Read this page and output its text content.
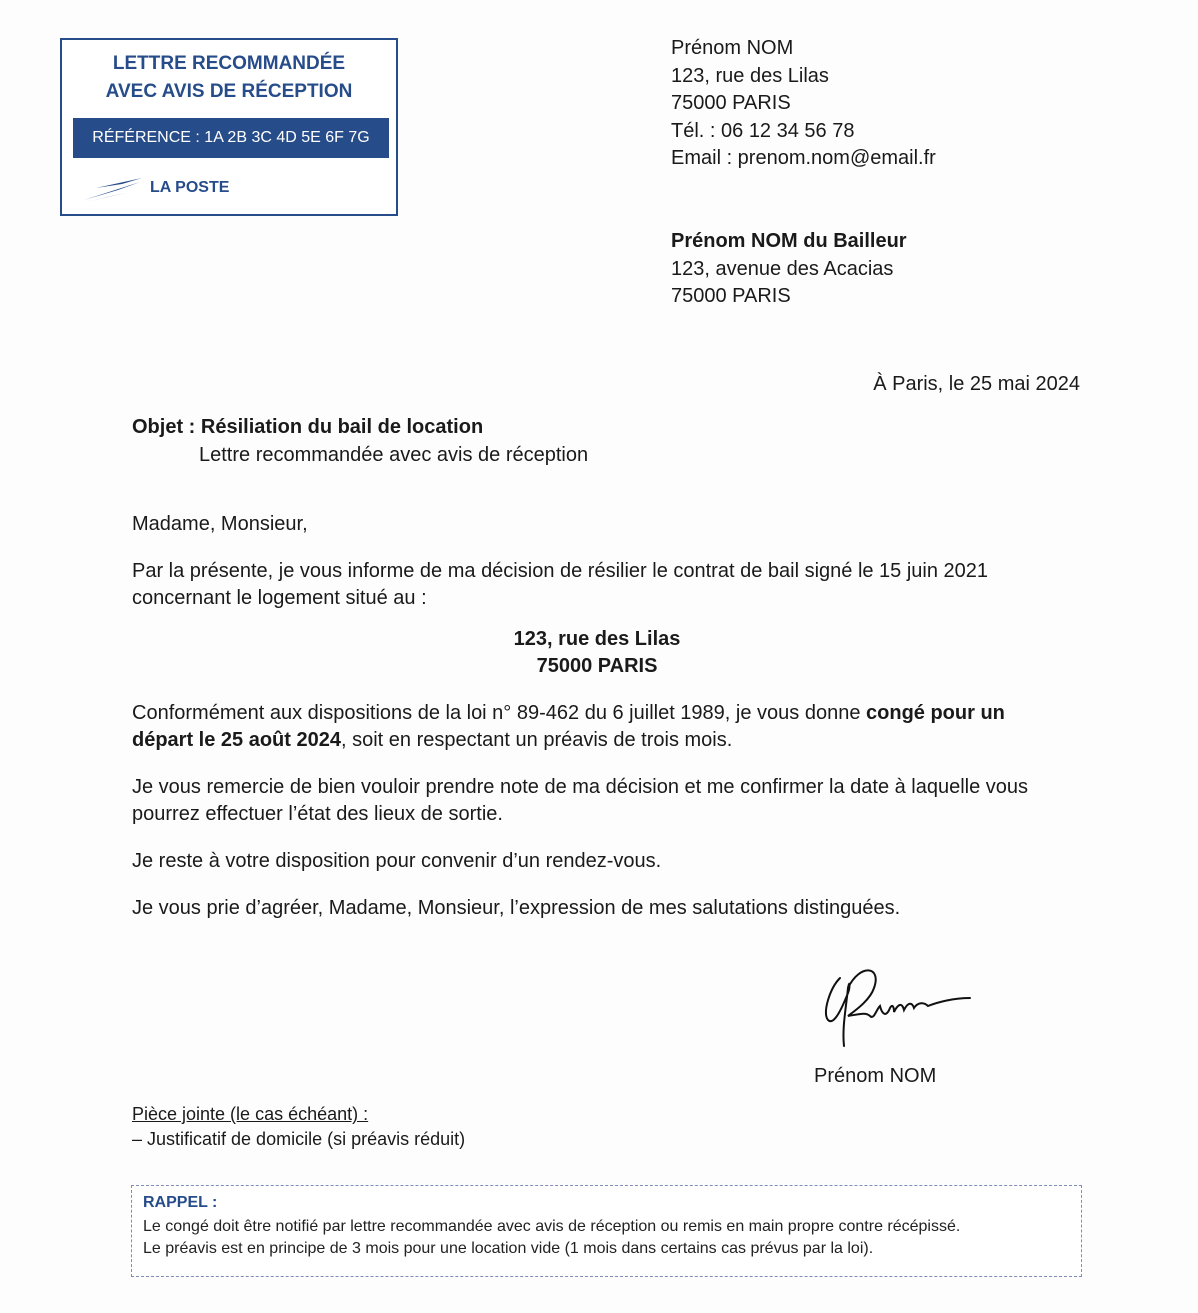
LETTRE RECOMMANDÉE
AVEC AVIS DE RÉCEPTION
RÉFÉRENCE : 1A 2B 3C 4D 5E 6F 7G
LA POSTE
Prénom NOM
123, rue des Lilas
75000 PARIS
Tél. : 06 12 34 56 78
Email : prenom.nom@email.fr
Prénom NOM du Bailleur
123, avenue des Acacias
75000 PARIS
À Paris, le 25 mai 2024
Objet : Résiliation du bail de location
Lettre recommandée avec avis de réception

Madame, Monsieur,

Par la présente, je vous informe de ma décision de résilier le contrat de bail signé le 15 juin 2021 concernant le logement situé au :

123, rue des Lilas
75000 PARIS

Conformément aux dispositions de la loi n° 89-462 du 6 juillet 1989, je vous donne congé pour un départ le 25 août 2024, soit en respectant un préavis de trois mois.

Je vous remercie de bien vouloir prendre note de ma décision et me confirmer la date à laquelle vous pourrez effectuer l’état des lieux de sortie.

Je reste à votre disposition pour convenir d’un rendez-vous.

Je vous prie d’agréer, Madame, Monsieur, l’expression de mes salutations distinguées.

Prénom NOM
Pièce jointe (le cas échéant) :
– Justificatif de domicile (si préavis réduit)
RAPPEL :
Le congé doit être notifié par lettre recommandée avec avis de réception ou remis en main propre contre récépissé.
Le préavis est en principe de 3 mois pour une location vide (1 mois dans certains cas prévus par la loi).
